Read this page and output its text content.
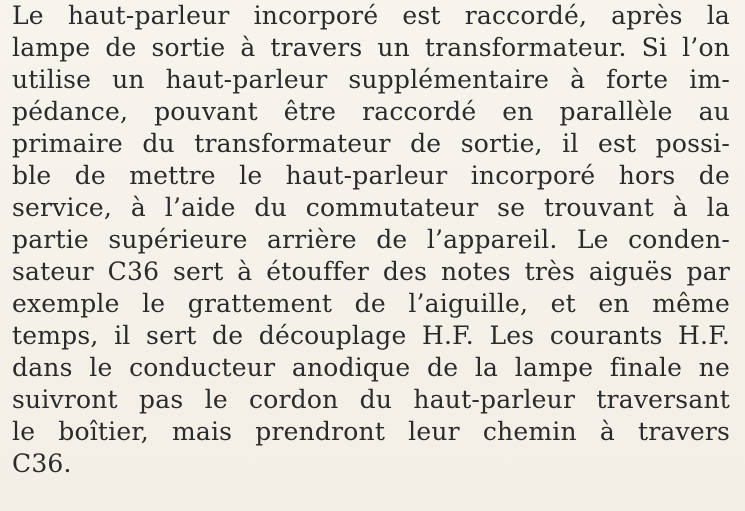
Le haut-parleur incorporé est raccordé, après la
lampe de sortie à travers un transformateur. Si l’on
utilise un haut-parleur supplémentaire à forte im-
pédance, pouvant être raccordé en parallèle au
primaire du transformateur de sortie, il est possi-
ble de mettre le haut-parleur incorporé hors de
service, à l’aide du commutateur se trouvant à la
partie supérieure arrière de l’appareil. Le conden-
sateur C36 sert à étouffer des notes très aiguës par
exemple le grattement de l’aiguille, et en même
temps, il sert de découplage H.F. Les courants H.F.
dans le conducteur anodique de la lampe finale ne
suivront pas le cordon du haut-parleur traversant
le boîtier, mais prendront leur chemin à travers
C36.
